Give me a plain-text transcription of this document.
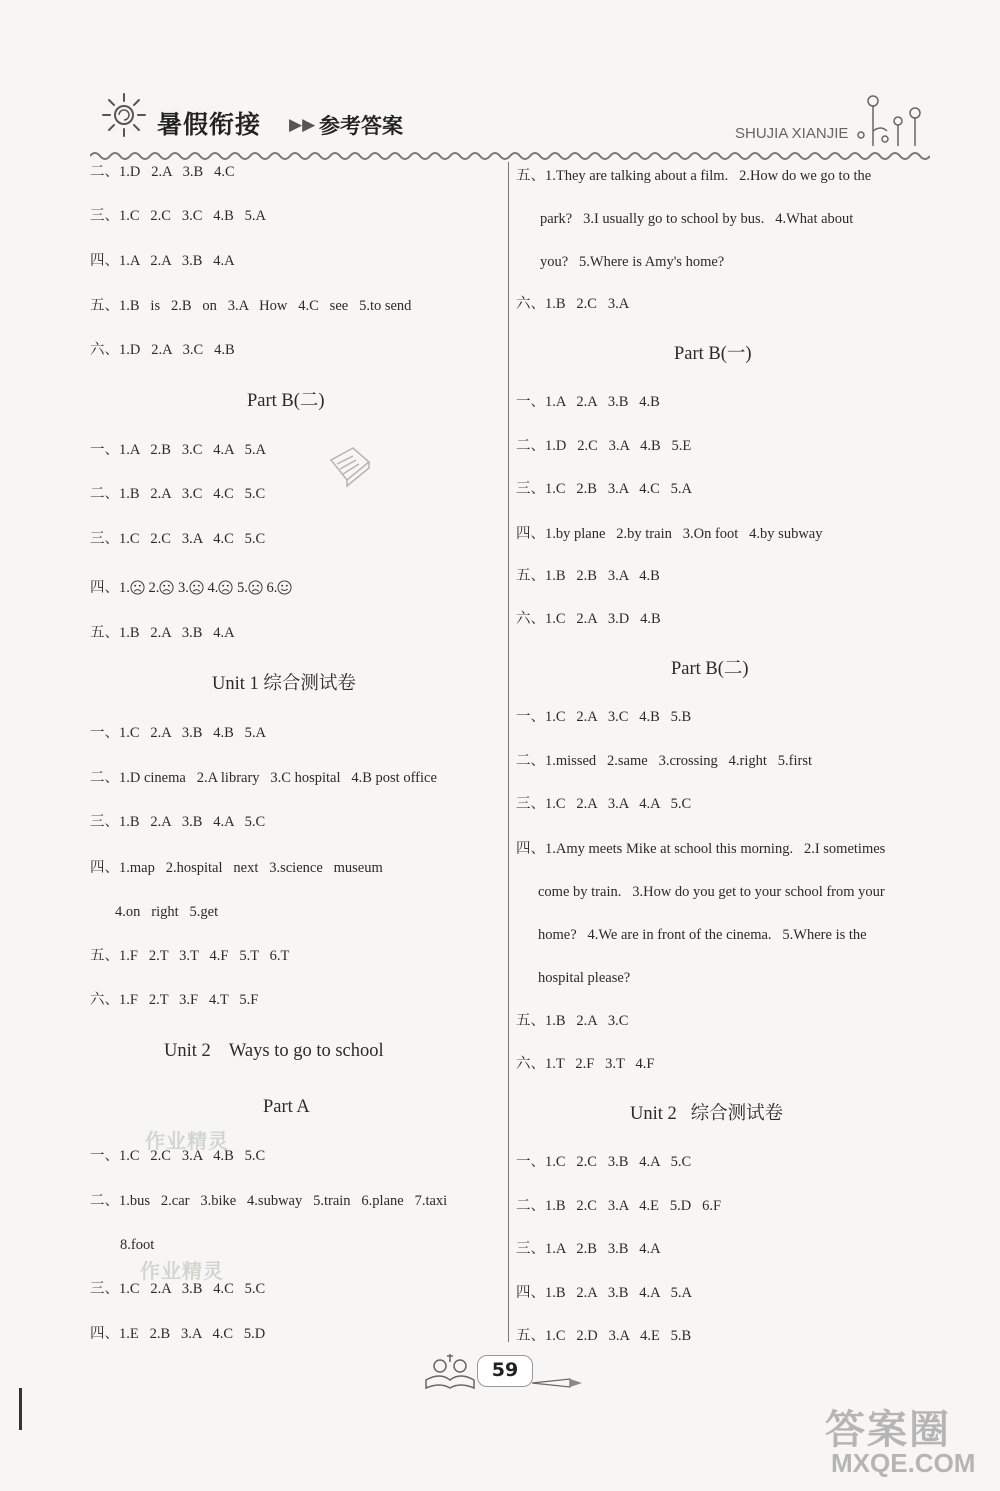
暑假衔接 ▶▶ 参考答案	SHUJIA XIANJIE
二、1.D   2.A   3.B   4.C
三、1.C   2.C   3.C   4.B   5.A
四、1.A   2.A   3.B   4.A
五、1.B   is   2.B   on   3.A   How   4.C   see   5.to send
六、1.D   2.A   3.C   4.B
Part B(二)
一、1.A   2.B   3.C   4.A   5.A
二、1.B   2.A   3.C   4.C   5.C
三、1.C   2.C   3.A   4.C   5.C
四、1. 2. 3. 4. 5. 6.
五、1.B   2.A   3.B   4.A
Unit 1 综合测试卷
一、1.C   2.A   3.B   4.B   5.A
二、1.D cinema   2.A library   3.C hospital   4.B post office
三、1.B   2.A   3.B   4.A   5.C
四、1.map   2.hospital   next   3.science   museum
4.on   right   5.get
五、1.F   2.T   3.T   4.F   5.T   6.T
六、1.F   2.T   3.F   4.T   5.F
Unit 2    Ways to go to school
Part A
一、1.C   2.C   3.A   4.B   5.C
二、1.bus   2.car   3.bike   4.subway   5.train   6.plane   7.taxi
8.foot
三、1.C   2.A   3.B   4.C   5.C
四、1.E   2.B   3.A   4.C   5.D
五、1.They are talking about a film.   2.How do we go to the
park?   3.I usually go to school by bus.   4.What about
you?   5.Where is Amy's home?
六、1.B   2.C   3.A
Part B(一)
一、1.A   2.A   3.B   4.B
二、1.D   2.C   3.A   4.B   5.E
三、1.C   2.B   3.A   4.C   5.A
四、1.by plane   2.by train   3.On foot   4.by subway
五、1.B   2.B   3.A   4.B
六、1.C   2.A   3.D   4.B
Part B(二)
一、1.C   2.A   3.C   4.B   5.B
二、1.missed   2.same   3.crossing   4.right   5.first
三、1.C   2.A   3.A   4.A   5.C
四、1.Amy meets Mike at school this morning.   2.I sometimes
come by train.   3.How do you get to your school from your
home?   4.We are in front of the cinema.   5.Where is the
hospital please?
五、1.B   2.A   3.C
六、1.T   2.F   3.T   4.F
Unit 2   综合测试卷
一、1.C   2.C   3.B   4.A   5.C
二、1.B   2.C   3.A   4.E   5.D   6.F
三、1.A   2.B   3.B   4.A
四、1.B   2.A   3.B   4.A   5.A
五、1.C   2.D   3.A   4.E   5.B
作业精灵
作业精灵
59
答案圈
MXQE.COM
